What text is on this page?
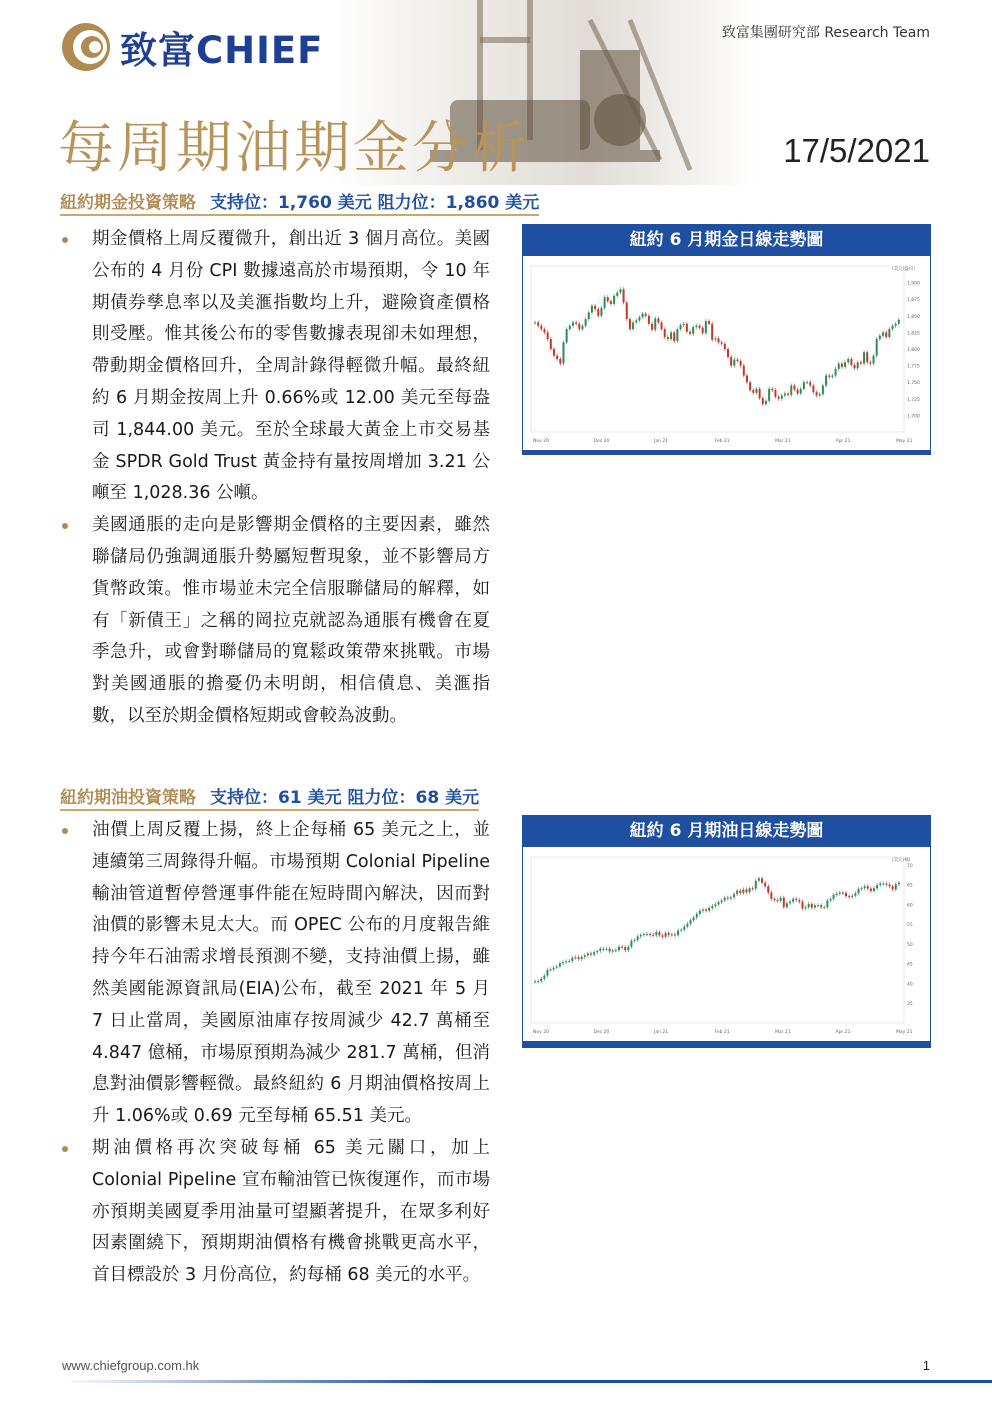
致富CHIEF	致富集團研究部 Research Team
每周期油期金分析	17/5/2021
紐約期金投資策略 支持位：1,760 美元 阻力位：1,860 美元
期金價格上周反覆微升，創出近 3 個月高位。美國公布的 4 月份 CPI 數據遠高於市場預期，令 10 年期債券孳息率以及美滙指數均上升，避險資產價格則受壓。惟其後公布的零售數據表現卻未如理想，帶動期金價格回升，全周計錄得輕微升幅。最終紐約 6 月期金按周上升 0.66%或 12.00 美元至每盎司 1,844.00 美元。至於全球最大黃金上市交易基金 SPDR Gold Trust 黃金持有量按周增加 3.21 公噸至 1,028.36 公噸。
美國通脹的走向是影響期金價格的主要因素，雖然聯儲局仍強調通脹升勢屬短暫現象，並不影響局方貨幣政策。惟市場並未完全信服聯儲局的解釋，如有「新債王」之稱的岡拉克就認為通脹有機會在夏季急升，或會對聯儲局的寬鬆政策帶來挑戰。市場對美國通脹的擔憂仍未明朗，相信債息、美滙指數，以至於期金價格短期或會較為波動。
紐約 6 月期金日線走勢圖
1,700
1,725
1,750
1,775
1,800
1,825
1,850
1,875
1,900
(美元/盎司)
Nov 20	Dec 20	Jan 21	Feb 21	Mar 21	Apr 21	May 21
紐約期油投資策略 支持位：61 美元 阻力位：68 美元
油價上周反覆上揚，終上企每桶 65 美元之上，並連續第三周錄得升幅。市場預期 Colonial Pipeline 輸油管道暫停營運事件能在短時間內解決，因而對油價的影響未見太大。而 OPEC 公布的月度報告維持今年石油需求增長預測不變，支持油價上揚，雖然美國能源資訊局(EIA)公布，截至 2021 年 5 月 7 日止當周，美國原油庫存按周減少 42.7 萬桶至 4.847 億桶，市場原預期為減少 281.7 萬桶，但消息對油價影響輕微。最終紐約 6 月期油價格按周上升 1.06%或 0.69 元至每桶 65.51 美元。
期油價格再次突破每桶 65 美元關口，加上 Colonial Pipeline 宣布輸油管已恢復運作，而市場亦預期美國夏季用油量可望顯著提升，在眾多利好因素圍繞下，預期期油價格有機會挑戰更高水平，首目標設於 3 月份高位，約每桶 68 美元的水平。
紐約 6 月期油日線走勢圖
35
40
45
50
55
60
65
70
(美元/桶)
Nov 20	Dec 20	Jan 21	Feb 21	Mar 21	Apr 21	May 21
www.chiefgroup.com.hk	1
